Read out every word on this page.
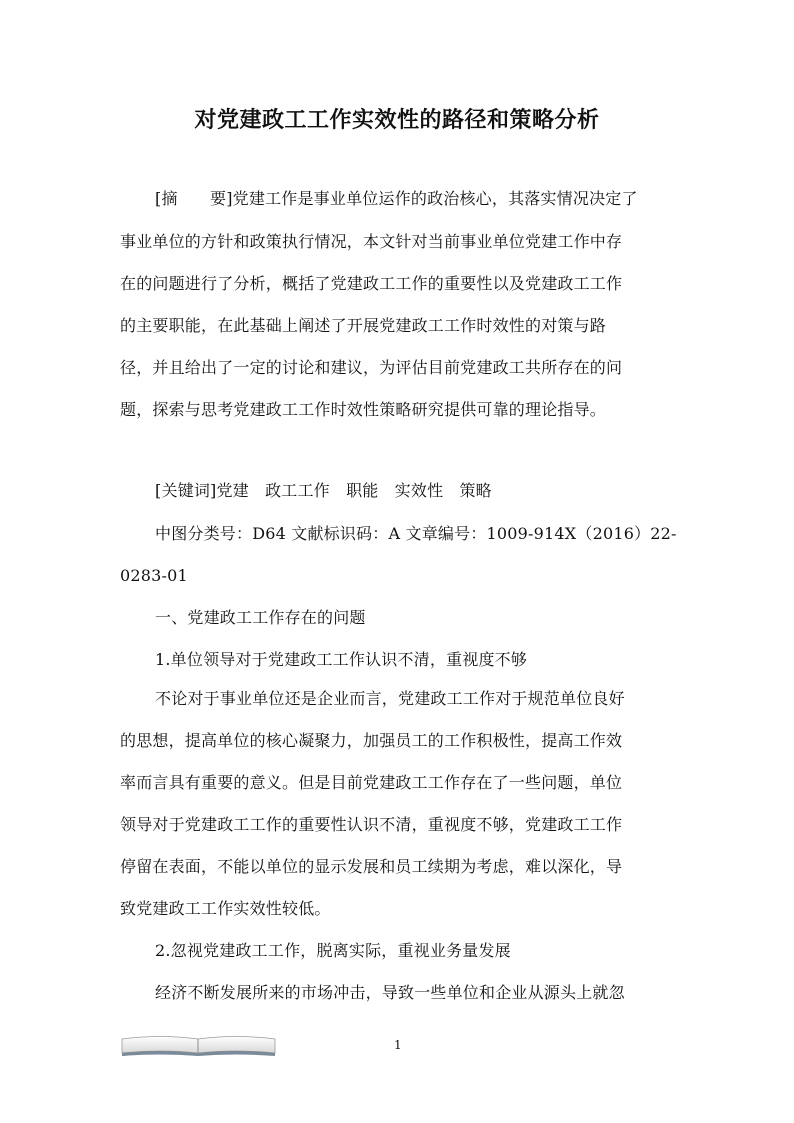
对党建政工工作实效性的路径和策略分析
[摘　　要]党建工作是事业单位运作的政治核心，其落实情况决定了
事业单位的方针和政策执行情况，本文针对当前事业单位党建工作中存
在的问题进行了分析，概括了党建政工工作的重要性以及党建政工工作
的主要职能，在此基础上阐述了开展党建政工工作时效性的对策与路
径，并且给出了一定的讨论和建议，为评估目前党建政工共所存在的问
题，探索与思考党建政工工作时效性策略研究提供可靠的理论指导。
[关键词]党建　政工工作　职能　实效性　策略
中图分类号：D64 文献标识码：A 文章编号：1009-914X（2016）22-
0283-01
一、党建政工工作存在的问题
1.单位领导对于党建政工工作认识不清，重视度不够
不论对于事业单位还是企业而言，党建政工工作对于规范单位良好
的思想，提高单位的核心凝聚力，加强员工的工作积极性，提高工作效
率而言具有重要的意义。但是目前党建政工工作存在了一些问题，单位
领导对于党建政工工作的重要性认识不清，重视度不够，党建政工工作
停留在表面，不能以单位的显示发展和员工续期为考虑，难以深化，导
致党建政工工作实效性较低。
2.忽视党建政工工作，脱离实际，重视业务量发展
经济不断发展所来的市场冲击，导致一些单位和企业从源头上就忽
1
